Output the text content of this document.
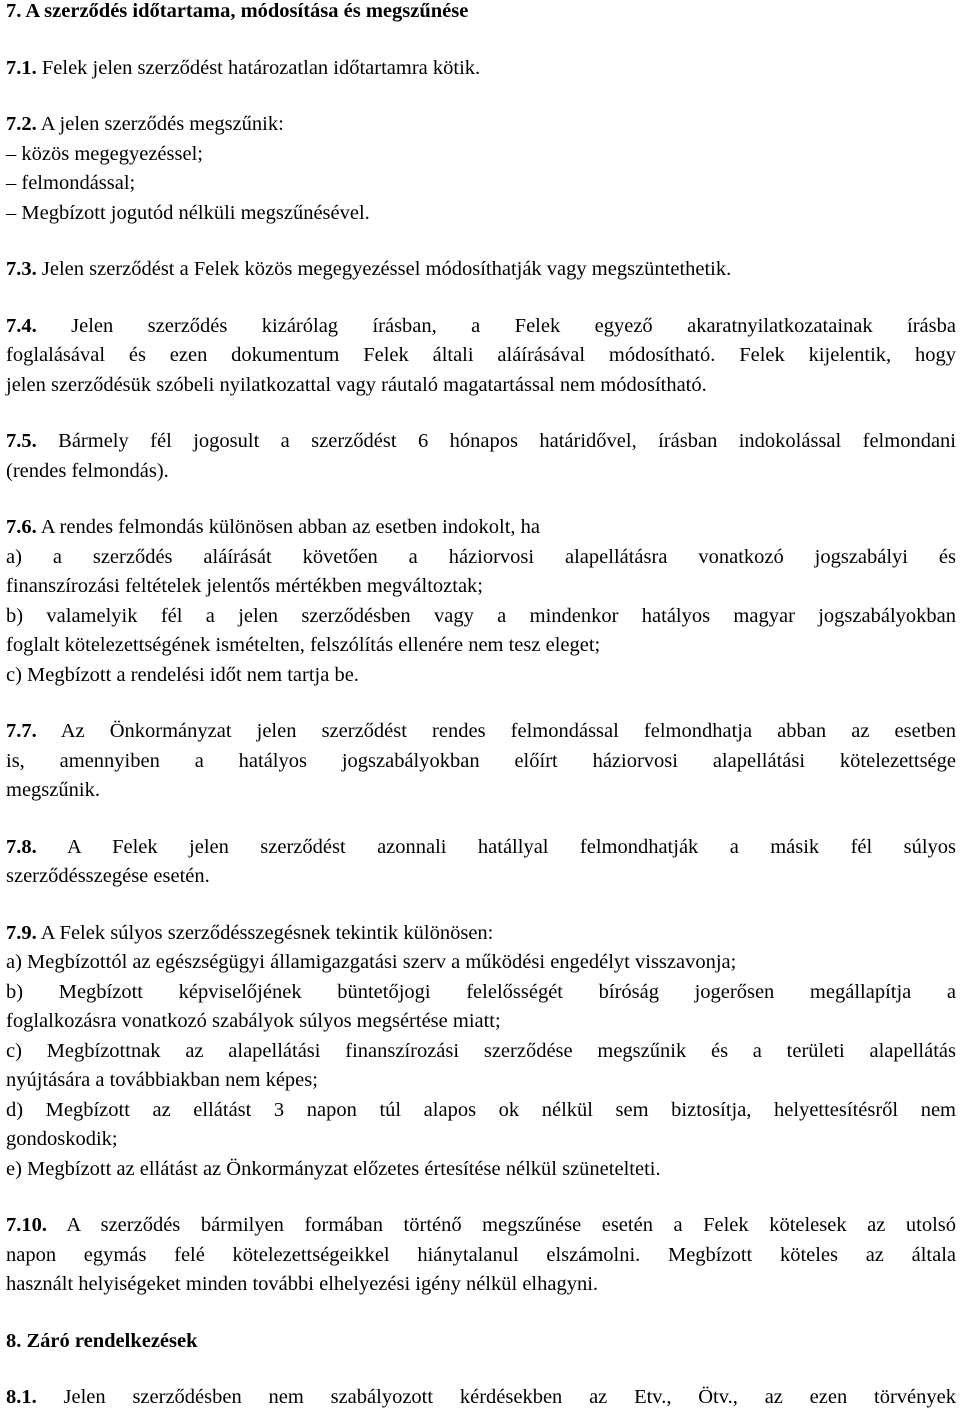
7. A szerződés időtartama, módosítása és megszűnése
7.1. Felek jelen szerződést határozatlan időtartamra kötik.
7.2. A jelen szerződés megszűnik:
– közös megegyezéssel;
– felmondással;
– Megbízott jogutód nélküli megszűnésével.
7.3. Jelen szerződést a Felek közös megegyezéssel módosíthatják vagy megszüntethetik.
7.4. Jelen szerződés kizárólag írásban, a Felek egyező akaratnyilatkozatainak írásba
foglalásával és ezen dokumentum Felek általi aláírásával módosítható. Felek kijelentik, hogy
jelen szerződésük szóbeli nyilatkozattal vagy ráutaló magatartással nem módosítható.
7.5. Bármely fél jogosult a szerződést 6 hónapos határidővel, írásban indokolással felmondani
(rendes felmondás).
7.6. A rendes felmondás különösen abban az esetben indokolt, ha
a) a szerződés aláírását követően a háziorvosi alapellátásra vonatkozó jogszabályi és
finanszírozási feltételek jelentős mértékben megváltoztak;
b) valamelyik fél a jelen szerződésben vagy a mindenkor hatályos magyar jogszabályokban
foglalt kötelezettségének ismételten, felszólítás ellenére nem tesz eleget;
c) Megbízott a rendelési időt nem tartja be.
7.7. Az Önkormányzat jelen szerződést rendes felmondással felmondhatja abban az esetben
is, amennyiben a hatályos jogszabályokban előírt háziorvosi alapellátási kötelezettsége
megszűnik.
7.8. A Felek jelen szerződést azonnali hatállyal felmondhatják a másik fél súlyos
szerződésszegése esetén.
7.9. A Felek súlyos szerződésszegésnek tekintik különösen:
a) Megbízottól az egészségügyi államigazgatási szerv a működési engedélyt visszavonja;
b) Megbízott képviselőjének büntetőjogi felelősségét bíróság jogerősen megállapítja a
foglalkozásra vonatkozó szabályok súlyos megsértése miatt;
c) Megbízottnak az alapellátási finanszírozási szerződése megszűnik és a területi alapellátás
nyújtására a továbbiakban nem képes;
d) Megbízott az ellátást 3 napon túl alapos ok nélkül sem biztosítja, helyettesítésről nem
gondoskodik;
e) Megbízott az ellátást az Önkormányzat előzetes értesítése nélkül szünetelteti.
7.10. A szerződés bármilyen formában történő megszűnése esetén a Felek kötelesek az utolsó
napon egymás felé kötelezettségeikkel hiánytalanul elszámolni. Megbízott köteles az általa
használt helyiségeket minden további elhelyezési igény nélkül elhagyni.
8. Záró rendelkezések
8.1. Jelen szerződésben nem szabályozott kérdésekben az Etv., Ötv., az ezen törvények
